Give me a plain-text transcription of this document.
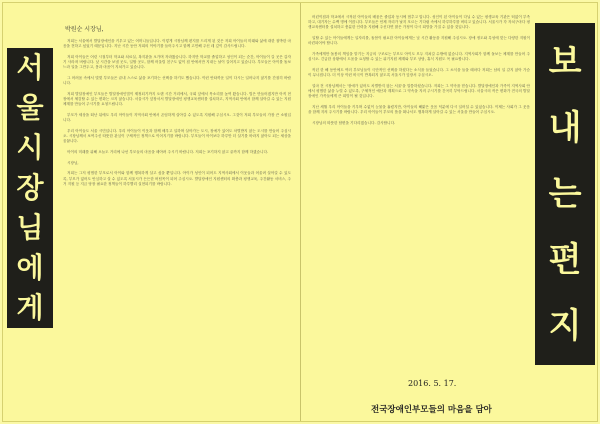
서
울
시
장
님
에
게
보
내
는
편
지

박원순 시장님,

저희는 서울에서 발달장애인을 키우고 있는 어머니들입니다. 이렇게 시장님께 편지를 드리게 된 것은 저희 아이들의 미래와 삶에 대한 절박한 마음을 전하고 싶었기 때문입니다. 지난 시간 동안 저희의 이야기를 들어주시고 함께 고민해 주신 데 깊이 감사드립니다.

저희 아이들은 어린 시절부터 학교와 치료실, 복지관을 오가며 자라왔습니다. 하지만 학교를 졸업하고 성인이 되는 순간, 아이들이 갈 곳은 갑자기 사라져 버립니다. 낮 시간을 보낼 곳도, 일할 곳도, 함께 어울릴 친구도 없이 집 안에서만 지내는 날이 길어지고 있습니다. 부모들은 아이를 돌보느라 일을 그만두고, 몸과 마음이 지쳐가고 있습니다.

그 어려움 속에서 몇몇 부모들은 끝내 스스로 삶을 포기하는 선택을 하기도 했습니다. 이런 안타까운 일이 다시는 일어나지 않기를 간절히 바랍니다.

저희 발달장애인 부모들은 발달장애인법이 제정되기까지 오랜 시간 거리에서, 국회 앞에서 목소리를 높여 왔습니다. 법은 만들어졌지만 아직 현장에서 체감할 수 있는 변화는 크지 않습니다. 서울시가 앞장서서 발달장애인 평생교육센터를 설치하고, 지역사회 안에서 함께 살아갈 수 있는 지원체계를 만들어 주시기를 요청드립니다.

부모가 세상을 떠난 뒤에도 우리 아이들이 지역사회 안에서 존엄하게 살아갈 수 있도록 지원해 주십시오. 그것이 저희 부모들의 가장 큰 소원입니다.

우리 아이들도 서울 시민입니다. 우리 아이들이 이웃과 함께 배우고 일하며 살아가는 도시, 장애가 있어도 차별받지 않는 도시를 만들어 주십시오. 시장님께서 보여주신 따뜻한 관심이 구체적인 정책으로 이어지기를 바랍니다. 부모들이 아이보다 하루만 더 살기를 바라지 않아도 되는 세상을 꿈꿉니다.

아이의 미래를 위해 오늘도 거리에 나선 부모들의 마음을 헤아려 주시기 바랍니다. 저희는 포기하지 않고 끝까지 함께 하겠습니다.

시장님,

저희는 그저 평범한 부모로서 아이와 함께 행복하게 살고 싶을 뿐입니다. 아이가 성인이 되어도 지역사회에서 이웃들과 어울려 살아갈 수 있도록, 부모가 없어도 안심하고 살 수 있도록 서울시가 든든한 버팀목이 되어 주십시오. 발달장애인 지원센터의 확충과 평생교육, 주간활동 서비스, 주거 지원 등 지금 당장 필요한 정책들이 하루빨리 실현되기를 바랍니다.

어린이집과 학교에서 시작된 아이들의 배움은 졸업과 동시에 멈추고 맙니다. 성인이 된 아이들이 다닐 수 있는 평생교육 기관은 턱없이 부족하고, 대기자는 수백 명에 이릅니다. 부모들은 언제 자리가 날지 모르는 기다림 속에서 하루하루를 버티고 있습니다. 서울시가 각 자치구마다 평생교육센터를 설치하고 충분한 인력을 지원해 주신다면 많은 가정이 다시 희망을 가질 수 있을 것입니다.

일할 수 있는 아이들에게는 일자리를, 돌봄이 필요한 아이들에게는 낮 시간 활동을 지원해 주십시오. 장애 정도와 특성에 맞는 다양한 지원이 마련되어야 합니다.

가족에게만 돌봄의 책임을 맡기는 지금의 구조로는 부모도 아이도 모두 지쳐갈 수밖에 없습니다. 지역사회가 함께 돌보는 체계를 만들어 주십시오. 긴급한 상황에서 도움을 요청할 수 있는 위기지원 체계와 부모 상담, 휴식 지원도 꼭 필요합니다.

작년 한 해 동안에도 여러 부모님들이 극단적인 선택을 하셨다는 소식을 들었습니다. 그 소식을 들을 때마다 저희는 남의 일 같지 않아 가슴이 무너집니다. 더 이상 이런 비극이 반복되지 않도록 서울시가 앞장서 주십시오.

얼마 전 시장님께서는 '장애가 있어도 차별받지 않는 서울'을 말씀하셨습니다. 저희는 그 약속을 믿습니다. 발달장애인과 가족이 지역사회 안에서 평범한 삶을 누릴 수 있도록, 구체적인 예산과 계획으로 그 약속을 지켜 주시기를 간곡히 부탁드립니다. 서울시의 작은 변화가 전국의 발달장애인 가족들에게 큰 희망이 될 것입니다.

지난 세월 우리 아이들을 키우며 수없이 눈물을 흘렸지만, 아이들의 해맑은 웃음 덕분에 다시 일어설 수 있었습니다. 이제는 사회가 그 웃음을 함께 지켜 주시기를 바랍니다. 우리 아이들이 부모의 품을 떠나서도 행복하게 살아갈 수 있는 서울을 만들어 주십시오.

시장님의 따뜻한 답변을 기다리겠습니다. 감사합니다.

2016. 5. 17.
전국장애인부모들의 마음을 담아
